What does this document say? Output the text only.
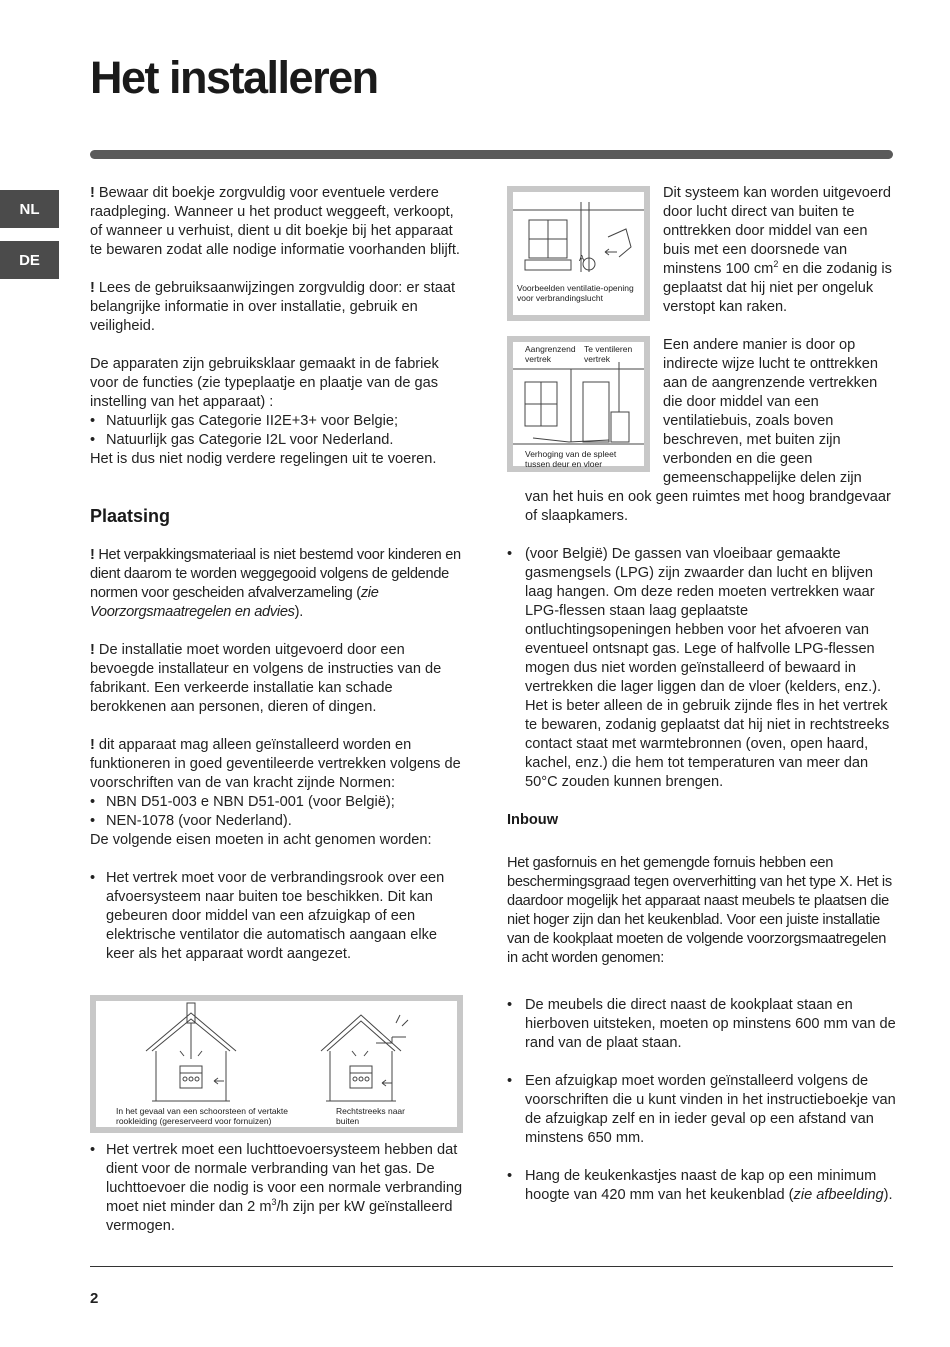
Het installeren
NL
DE

! Bewaar dit boekje zorgvuldig voor eventuele verdere raadpleging. Wanneer u het product weggeeft, verkoopt, of wanneer u verhuist, dient u dit boekje bij het apparaat te bewaren zodat alle nodige informatie voorhanden blijft.

! Lees de gebruiksaanwijzingen zorgvuldig door: er staat belangrijke informatie in over installatie, gebruik en veiligheid.

De apparaten zijn gebruiksklaar gemaakt in de fabriek voor de functies (zie typeplaatje en plaatje van de gas instelling van het apparaat) :

• Natuurlijk gas Categorie II2E+3+ voor Belgie;
• Natuurlijk gas Categorie I2L voor Nederland.

Het is dus niet nodig verdere regelingen uit te voeren.

Plaatsing

! Het verpakkingsmateriaal is niet bestemd voor kinderen en dient daarom te worden weggegooid volgens de geldende normen voor gescheiden afvalverzameling (zie Voorzorgsmaatregelen en advies).

! De installatie moet worden uitgevoerd door een bevoegde installateur en volgens de instructies van de fabrikant. Een verkeerde installatie kan schade berokkenen aan personen, dieren of dingen.

! dit apparaat mag alleen geïnstalleerd worden en funktioneren in goed geventileerde vertrekken volgens de voorschriften van de van kracht zijnde Normen:

• NBN D51-003 e NBN D51-001 (voor België);
• NEN-1078 (voor Nederland).

De volgende eisen moeten in acht genomen worden:

• Het vertrek moet voor de verbrandingsrook over een afvoersysteem naar buiten toe beschikken. Dit kan gebeuren door middel van een afzuigkap of een elektrische ventilator die automatisch aangaan elke keer als het apparaat wordt aangezet.
In het gevaal van een schoorsteen of vertakte rookleiding (gereserveerd voor fornuizen)
Rechtstreeks naar buiten
• Het vertrek moet een luchttoevoersysteem hebben dat dient voor de normale verbranding van het gas. De luchttoevoer die nodig is voor een normale verbranding moet niet minder dan 2 $m^3/h$ zijn per kW geïnstalleerd vermogen.
A
Voorbeelden ventilatie-opening voor verbrandingslucht
Aangrenzend vertrek
Te ventileren vertrek
Verhoging van de spleet tussen deur en vloer

Dit systeem kan worden uitgevoerd door lucht direct van buiten te onttrekken door middel van een buis met een doorsnede van minstens 100 $cm^2$ en die zodanig is geplaatst dat hij niet per ongeluk verstopt kan raken.

Een andere manier is door op indirecte wijze lucht te onttrekken aan de aangrenzende vertrekken die door middel van een ventilatiebuis, zoals boven beschreven, met buiten zijn verbonden en die geen gemeenschappelijke delen zijn

van het huis en ook geen ruimtes met hoog brandgevaar of slaapkamers.

• (voor België) De gassen van vloeibaar gemaakte gasmengsels (LPG) zijn zwaarder dan lucht en blijven laag hangen. Om deze reden moeten vertrekken waar LPG-flessen staan laag geplaatste ontluchtingsopeningen hebben voor het afvoeren van eventueel ontsnapt gas. Lege of halfvolle LPG-flessen mogen dus niet worden geïnstalleerd of bewaard in vertrekken die lager liggen dan de vloer (kelders, enz.). Het is beter alleen de in gebruik zijnde fles in het vertrek te bewaren, zodanig geplaatst dat hij niet in rechtstreeks contact staat met warmtebronnen (oven, open haard, kachel, enz.) die hem tot temperaturen van meer dan 50°C zouden kunnen brengen.
Inbouw

Het gasfornuis en het gemengde fornuis hebben een beschermingsgraad tegen oververhitting van het type X. Het is daardoor mogelijk het apparaat naast meubels te plaatsen die niet hoger zijn dan het keukenblad. Voor een juiste installatie van de kookplaat moeten de volgende voorzorgsmaatregelen in acht worden genomen:

• De meubels die direct naast de kookplaat staan en hierboven uitsteken, moeten op minstens 600 mm van de rand van de plaat staan.
• Een afzuigkap moet worden geïnstalleerd volgens de voorschriften die u kunt vinden in het instructieboekje van de afzuigkap zelf en in ieder geval op een afstand van minstens 650 mm.
• Hang de keukenkastjes naast de kap op een minimum hoogte van 420 mm van het keukenblad (zie afbeelding).
2
